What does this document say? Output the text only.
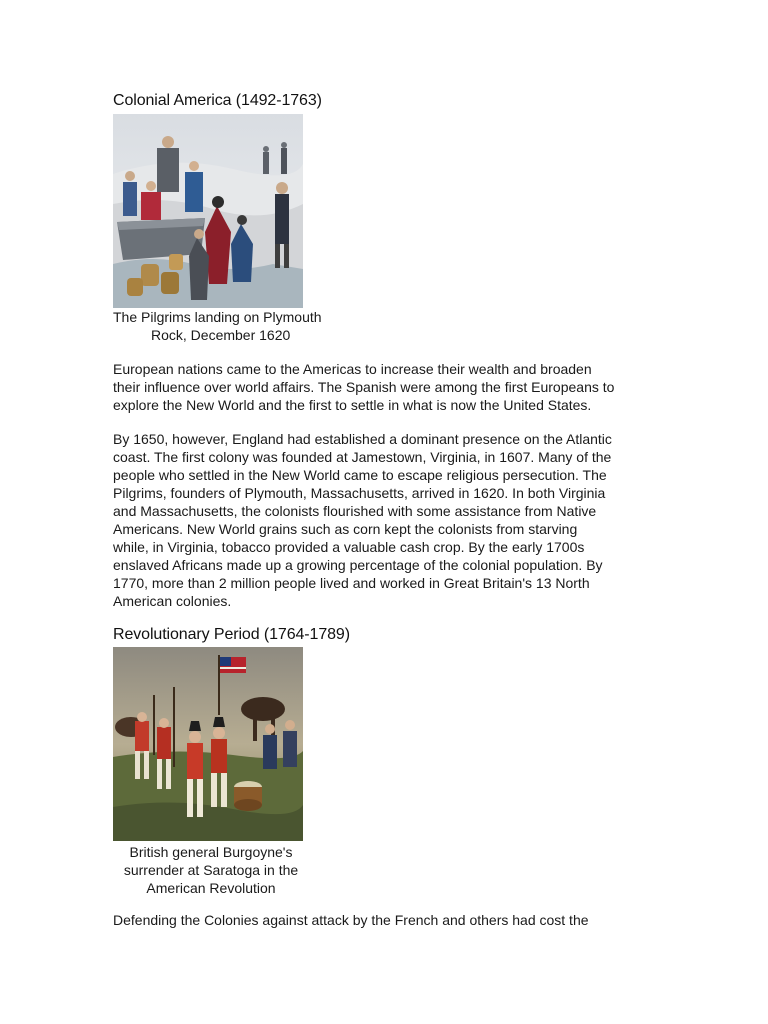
Colonial America (1492-1763)

The Pilgrims landing on Plymouth
Rock, December 1620

European nations came to the Americas to increase their wealth and broaden
their influence over world affairs. The Spanish were among the first Europeans to
explore the New World and the first to settle in what is now the United States.

By 1650, however, England had established a dominant presence on the Atlantic
coast. The first colony was founded at Jamestown, Virginia, in 1607. Many of the
people who settled in the New World came to escape religious persecution. The
Pilgrims, founders of Plymouth, Massachusetts, arrived in 1620. In both Virginia
and Massachusetts, the colonists flourished with some assistance from Native
Americans. New World grains such as corn kept the colonists from starving
while, in Virginia, tobacco provided a valuable cash crop. By the early 1700s
enslaved Africans made up a growing percentage of the colonial population. By
1770, more than 2 million people lived and worked in Great Britain's 13 North
American colonies.

Revolutionary Period (1764-1789)

British general Burgoyne's
surrender at Saratoga in the
American Revolution

Defending the Colonies against attack by the French and others had cost the
